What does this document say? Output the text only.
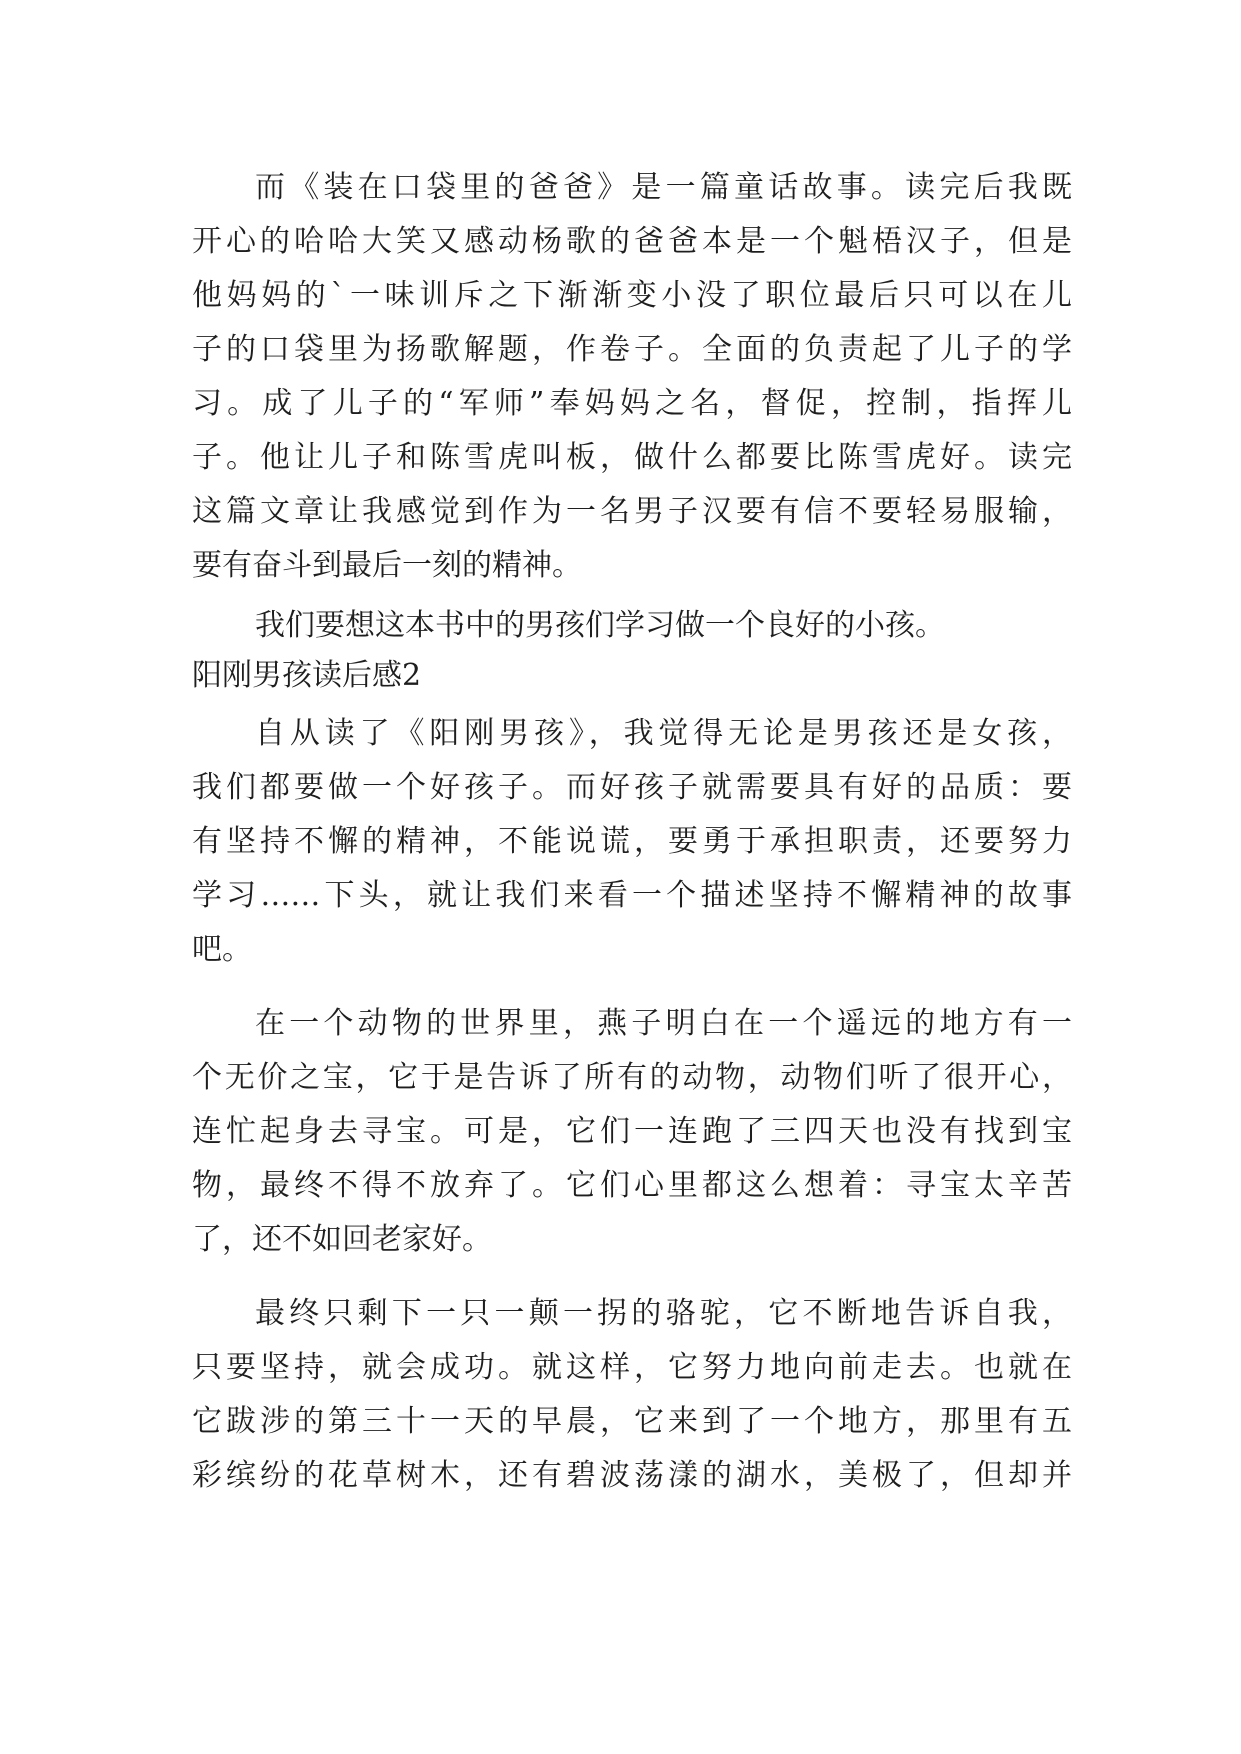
而《装在口袋里的爸爸》是一篇童话故事。读完后我既
开心的哈哈大笑又感动杨歌的爸爸本是一个魁梧汉子，但是
他妈妈的`一味训斥之下渐渐变小没了职位最后只可以在儿
子的口袋里为扬歌解题，作卷子。全面的负责起了儿子的学
习。成了儿子的“军师”奉妈妈之名，督促，控制，指挥儿
子。他让儿子和陈雪虎叫板，做什么都要比陈雪虎好。读完
这篇文章让我感觉到作为一名男子汉要有信不要轻易服输，
要有奋斗到最后一刻的精神。
我们要想这本书中的男孩们学习做一个良好的小孩。
阳刚男孩读后感2
自从读了《阳刚男孩》，我觉得无论是男孩还是女孩，
我们都要做一个好孩子。而好孩子就需要具有好的品质：要
有坚持不懈的精神，不能说谎，要勇于承担职责，还要努力
学习……下头，就让我们来看一个描述坚持不懈精神的故事
吧。
在一个动物的世界里，燕子明白在一个遥远的地方有一
个无价之宝，它于是告诉了所有的动物，动物们听了很开心，
连忙起身去寻宝。可是，它们一连跑了三四天也没有找到宝
物，最终不得不放弃了。它们心里都这么想着：寻宝太辛苦
了，还不如回老家好。
最终只剩下一只一颠一拐的骆驼，它不断地告诉自我，
只要坚持，就会成功。就这样，它努力地向前走去。也就在
它跋涉的第三十一天的早晨，它来到了一个地方，那里有五
彩缤纷的花草树木，还有碧波荡漾的湖水，美极了，但却并
